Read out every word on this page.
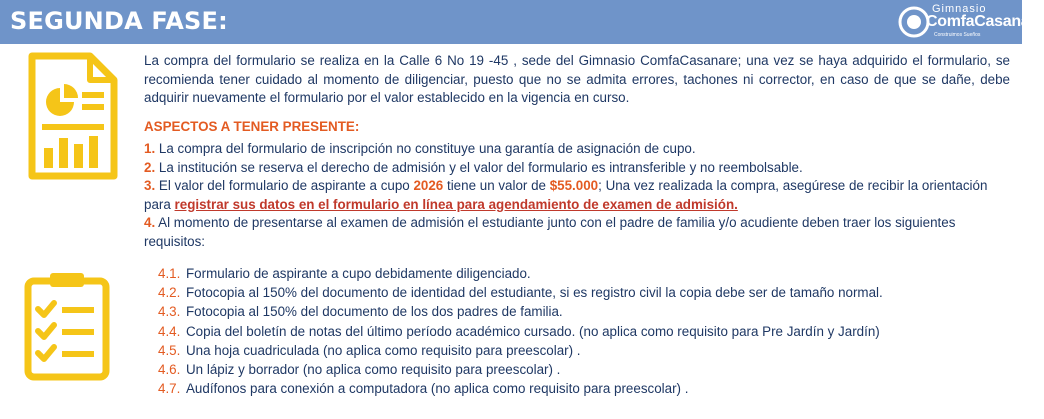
SEGUNDA FASE:	Gimnasio
ComfaCasanare
Construimos Sueños

La compra del formulario se realiza en la Calle 6 No 19 -45 , sede del Gimnasio ComfaCasanare; una vez se haya adquirido el formulario, se recomienda tener cuidado al momento de diligenciar, puesto que no se admita errores, tachones ni corrector, en caso de que se dañe, debe adquirir nuevamente el formulario por el valor establecido en la vigencia en curso.

ASPECTOS A TENER PRESENTE:

1. La compra del formulario de inscripción no constituye una garantía de asignación de cupo.

2. La institución se reserva el derecho de admisión y el valor del formulario es intransferible y no reembolsable.

3. El valor del formulario de aspirante a cupo 2026 tiene un valor de $55.000; Una vez realizada la compra, asegúrese de recibir la orientación para registrar sus datos en el formulario en línea para agendamiento de examen de admisión.

4. Al momento de presentarse al examen de admisión el estudiante junto con el padre de familia y/o acudiente deben traer los siguientes requisitos:

4.1. Formulario de aspirante a cupo debidamente diligenciado.

4.2. Fotocopia al 150% del documento de identidad del estudiante, si es registro civil la copia debe ser de tamaño normal.

4.3. Fotocopia al 150% del documento de los dos padres de familia.

4.4. Copia del boletín de notas del último período académico cursado. (no aplica como requisito para Pre Jardín y Jardín)

4.5. Una hoja cuadriculada (no aplica como requisito para preescolar) .

4.6. Un lápiz y borrador (no aplica como requisito para preescolar) .

4.7. Audífonos para conexión a computadora (no aplica como requisito para preescolar) .
